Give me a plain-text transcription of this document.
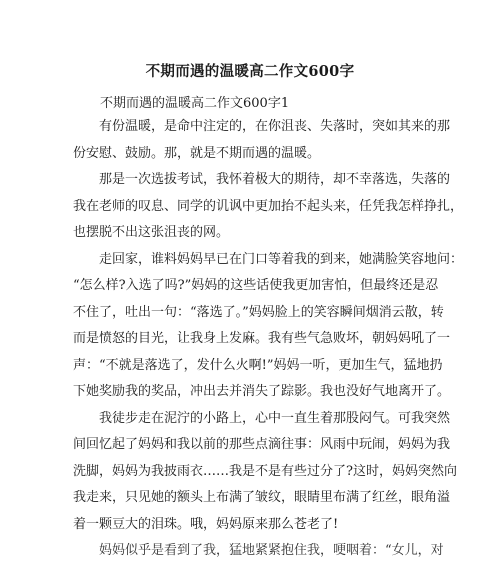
不期而遇的温暖高二作文600字
不期而遇的温暖高二作文600字1
有份温暖，是命中注定的，在你沮丧、失落时，突如其来的那
份安慰、鼓励。那，就是不期而遇的温暖。
那是一次选拔考试，我怀着极大的期待，却不幸落选，失落的
我在老师的叹息、同学的讥讽中更加抬不起头来，任凭我怎样挣扎，
也摆脱不出这张沮丧的网。
走回家，谁料妈妈早已在门口等着我的到来，她满脸笑容地问：
“怎么样?入选了吗?”妈妈的这些话使我更加害怕，但最终还是忍
不住了，吐出一句：“落选了。”妈妈脸上的笑容瞬间烟消云散，转
而是愤怒的目光，让我身上发麻。我有些气急败坏，朝妈妈吼了一
声：“不就是落选了，发什么火啊!”妈妈一听，更加生气，猛地扔
下她奖励我的奖品，冲出去并消失了踪影。我也没好气地离开了。
我徒步走在泥泞的小路上，心中一直生着那股闷气。可我突然
间回忆起了妈妈和我以前的那些点滴往事：风雨中玩闹，妈妈为我
洗脚，妈妈为我披雨衣……我是不是有些过分了?这时，妈妈突然向
我走来，只见她的额头上布满了皱纹，眼睛里布满了红丝，眼角溢
着一颗豆大的泪珠。哦，妈妈原来那么苍老了!
妈妈似乎是看到了我，猛地紧紧抱住我，哽咽着：“女儿，对
